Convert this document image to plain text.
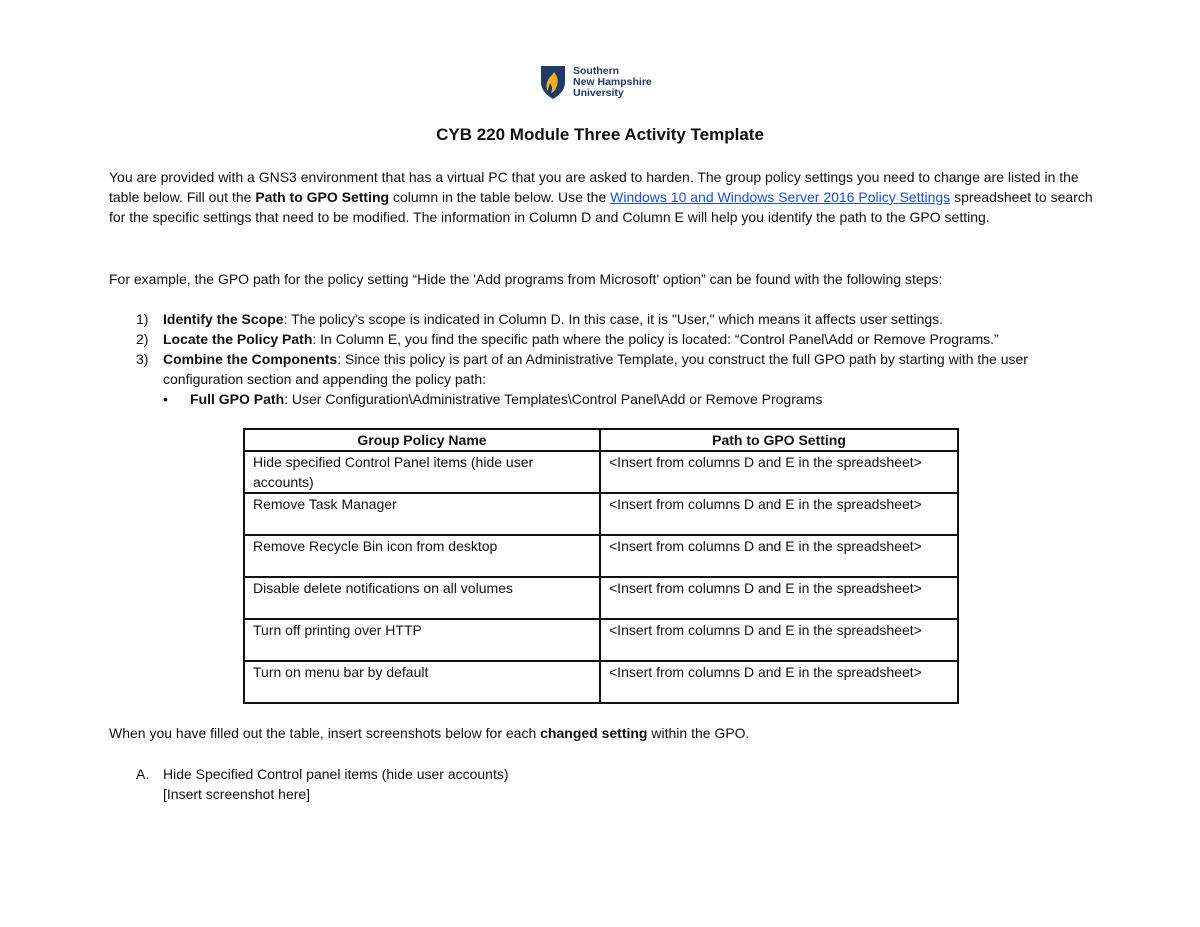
Southern
New Hampshire
University
CYB 220 Module Three Activity Template

You are provided with a GNS3 environment that has a virtual PC that you are asked to harden. The group policy settings you need to change are listed in the table below. Fill out the Path to GPO Setting column in the table below. Use the Windows 10 and Windows Server 2016 Policy Settings spreadsheet to search for the specific settings that need to be modified. The information in Column D and Column E will help you identify the path to the GPO setting.

For example, the GPO path for the policy setting “Hide the 'Add programs from Microsoft' option” can be found with the following steps:

1) Identify the Scope: The policy's scope is indicated in Column D. In this case, it is "User," which means it affects user settings.
2) Locate the Policy Path: In Column E, you find the specific path where the policy is located: “Control Panel\Add or Remove Programs.”
3) Combine the Components: Since this policy is part of an Administrative Template, you construct the full GPO path by starting with the user configuration section and appending the policy path:
• Full GPO Path: User Configuration\Administrative Templates\Control Panel\Add or Remove Programs
Group Policy Name	Path to GPO Setting
Hide specified Control Panel items (hide user accounts)	<Insert from columns D and E in the spreadsheet>
Remove Task Manager	<Insert from columns D and E in the spreadsheet>
Remove Recycle Bin icon from desktop	<Insert from columns D and E in the spreadsheet>
Disable delete notifications on all volumes	<Insert from columns D and E in the spreadsheet>
Turn off printing over HTTP	<Insert from columns D and E in the spreadsheet>
Turn on menu bar by default	<Insert from columns D and E in the spreadsheet>

When you have filled out the table, insert screenshots below for each changed setting within the GPO.

A. Hide Specified Control panel items (hide user accounts)
[Insert screenshot here]
